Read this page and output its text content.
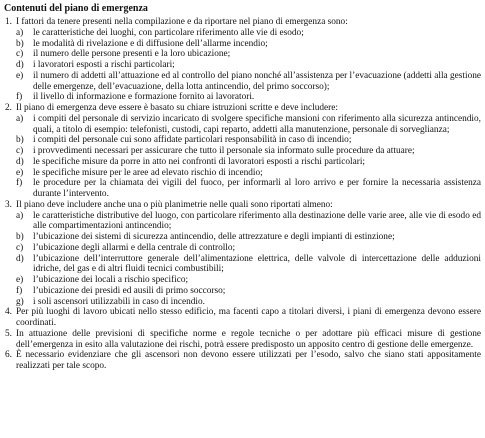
Contenuti del piano di emergenza
1. I fattori da tenere presenti nella compilazione e da riportare nel piano di emergenza sono:
a) le caratteristiche dei luoghi, con particolare riferimento alle vie di esodo;
b) le modalità di rivelazione e di diffusione dell’allarme incendio;
c) il numero delle persone presenti e la loro ubicazione;
d) i lavoratori esposti a rischi particolari;
e) il numero di addetti all’attuazione ed al controllo del piano nonché all’assistenza per l’evacuazione (addetti alla gestione delle emergenze, dell’evacuazione, della lotta antincendio, del primo soccorso);
f) il livello di informazione e formazione fornito ai lavoratori.
2. Il piano di emergenza deve essere è basato su chiare istruzioni scritte e deve includere:
a) i compiti del personale di servizio incaricato di svolgere specifiche mansioni con riferimento alla sicurezza antincendio, quali, a titolo di esempio: telefonisti, custodi, capi reparto, addetti alla manutenzione, personale di sorveglianza;
b) i compiti del personale cui sono affidate particolari responsabilità in caso di incendio;
c) i provvedimenti necessari per assicurare che tutto il personale sia informato sulle procedure da attuare;
d) le specifiche misure da porre in atto nei confronti di lavoratori esposti a rischi particolari;
e) le specifiche misure per le aree ad elevato rischio di incendio;
f) le procedure per la chiamata dei vigili del fuoco, per informarli al loro arrivo e per fornire la necessaria assistenza durante l’intervento.
3. Il piano deve includere anche una o più planimetrie nelle quali sono riportati almeno:
a) le caratteristiche distributive del luogo, con particolare riferimento alla destinazione delle varie aree, alle vie di esodo ed alle compartimentazioni antincendio;
b) l’ubicazione dei sistemi di sicurezza antincendio, delle attrezzature e degli impianti di estinzione;
c) l’ubicazione degli allarmi e della centrale di controllo;
d) l’ubicazione dell’interruttore generale dell’alimentazione elettrica, delle valvole di intercettazione delle adduzioni idriche, del gas e di altri fluidi tecnici combustibili;
e) l’ubicazione dei locali a rischio specifico;
f) l’ubicazione dei presidi ed ausili di primo soccorso;
g) i soli ascensori utilizzabili in caso di incendio.
4. Per più luoghi di lavoro ubicati nello stesso edificio, ma facenti capo a titolari diversi, i piani di emergenza devono essere coordinati.
5. In attuazione delle previsioni di specifiche norme e regole tecniche o per adottare più efficaci misure di gestione dell’emergenza in esito alla valutazione dei rischi, potrà essere predisposto un apposito centro di gestione delle emergenze.
6. È necessario evidenziare che gli ascensori non devono essere utilizzati per l’esodo, salvo che siano stati appositamente realizzati per tale scopo.
